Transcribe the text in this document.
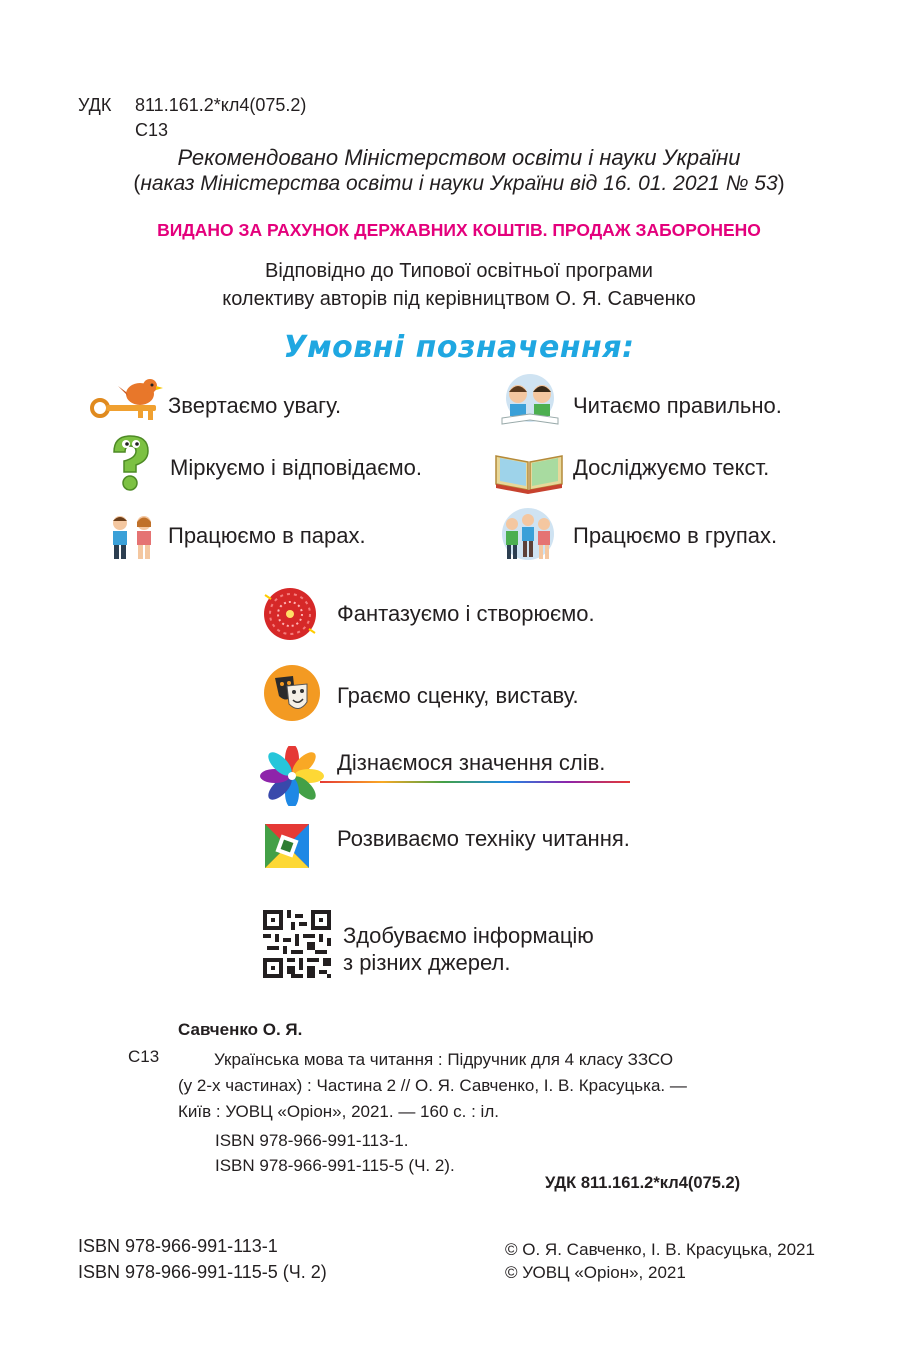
УДК 811.161.2*кл4(075.2)
С13
Рекомендовано Міністерством освіти і науки України
(наказ Міністерства освіти і науки України від 16. 01. 2021 № 53)
ВИДАНО ЗА РАХУНОК ДЕРЖАВНИХ КОШТІВ. ПРОДАЖ ЗАБОРОНЕНО
Відповідно до Типової освітньої програми
колективу авторів під керівництвом О. Я. Савченко
Умовні позначення:
Звертаємо увагу.	Читаємо правильно.
Міркуємо і відповідаємо.	Досліджуємо текст.
Працюємо в парах.	Працюємо в групах.
Фантазуємо і створюємо.
Граємо сценку, виставу.
Дізнаємося значення слів.
Розвиваємо техніку читання.
Здобуваємо інформацію
з різних джерел.
Савченко О. Я.
С13	Українська мова та читання : Підручник для 4 класу ЗЗСО
(у 2-х частинах) : Частина 2 // О. Я. Савченко, І. В. Красуцька. —
Київ : УОВЦ «Оріон», 2021. — 160 с. : іл.
ISBN 978-966-991-113-1.
ISBN 978-966-991-115-5 (Ч. 2).
УДК 811.161.2*кл4(075.2)
ISBN 978-966-991-113-1
ISBN 978-966-991-115-5 (Ч. 2)
© О. Я. Савченко, І. В. Красуцька, 2021
© УОВЦ «Оріон», 2021
